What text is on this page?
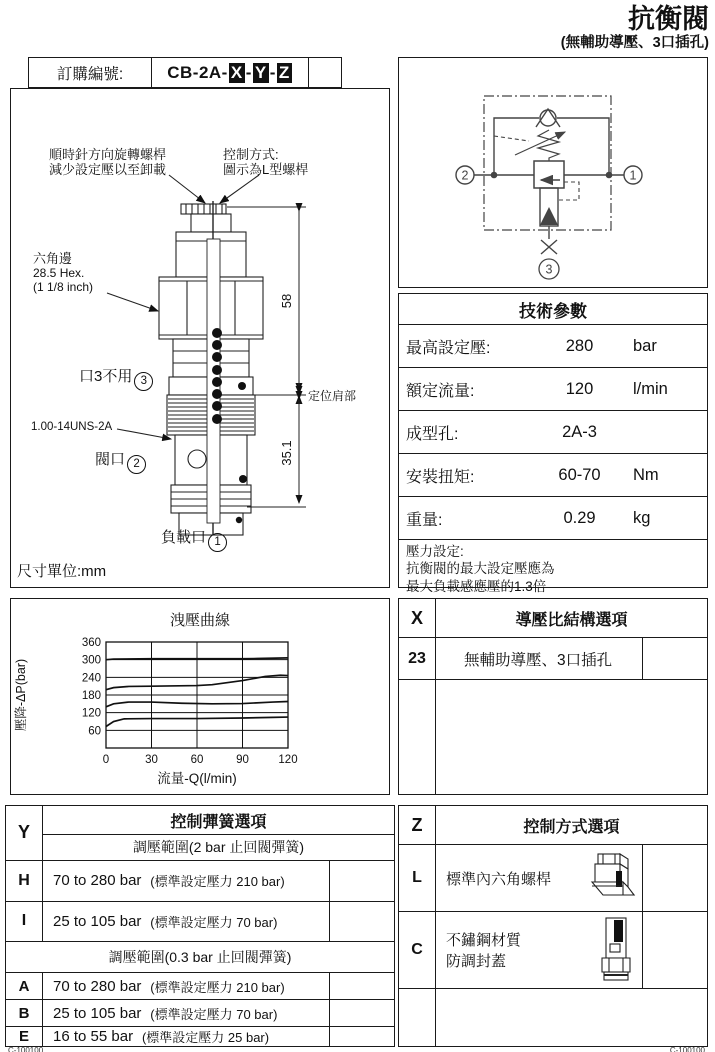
抗衡閥
(無輔助導壓、3口插孔)
訂購編號:	CB-2A- X - Y - Z
58
35.1
順時針方向旋轉螺桿
減少設定壓以至卸載
控制方式:
圖示為L型螺桿
六角邊
28.5 Hex.
(1 1/8 inch)
口3不用 3
1.00-14UNS-2A
閥口 2
定位肩部
負載口 1
尺寸單位:mm
2	1
3
技術參數
最高設定壓:	280	bar
額定流量:	120	l/min
成型孔:	2A-3
安裝扭矩:	60-70	Nm
重量:	0.29	kg
壓力設定:
抗衡閥的最大設定壓應為
最大負載感應壓的1.3倍
洩壓曲線
0	30	60	90	120
60
120
180
240
300
360
流量-Q(l/min)
壓降-ΔP(bar)
X	導壓比結構選項
23	無輔助導壓、3口插孔
Y
控制彈簧選項
調壓範圍(2 bar 止回閥彈簧)
H	70 to 280 bar
(標準設定壓力 210 bar)
I	25 to 105 bar
(標準設定壓力 70 bar)
調壓範圍(0.3 bar 止回閥彈簧)
A	70 to 280 bar
(標準設定壓力 210 bar)
B	25 to 105 bar
(標準設定壓力 70 bar)
E	16 to 55 bar
(標準設定壓力 25 bar)
Z	控制方式選項
L	標準內六角螺桿
C
不鏽鋼材質
防調封蓋
C-100100	C-100100
